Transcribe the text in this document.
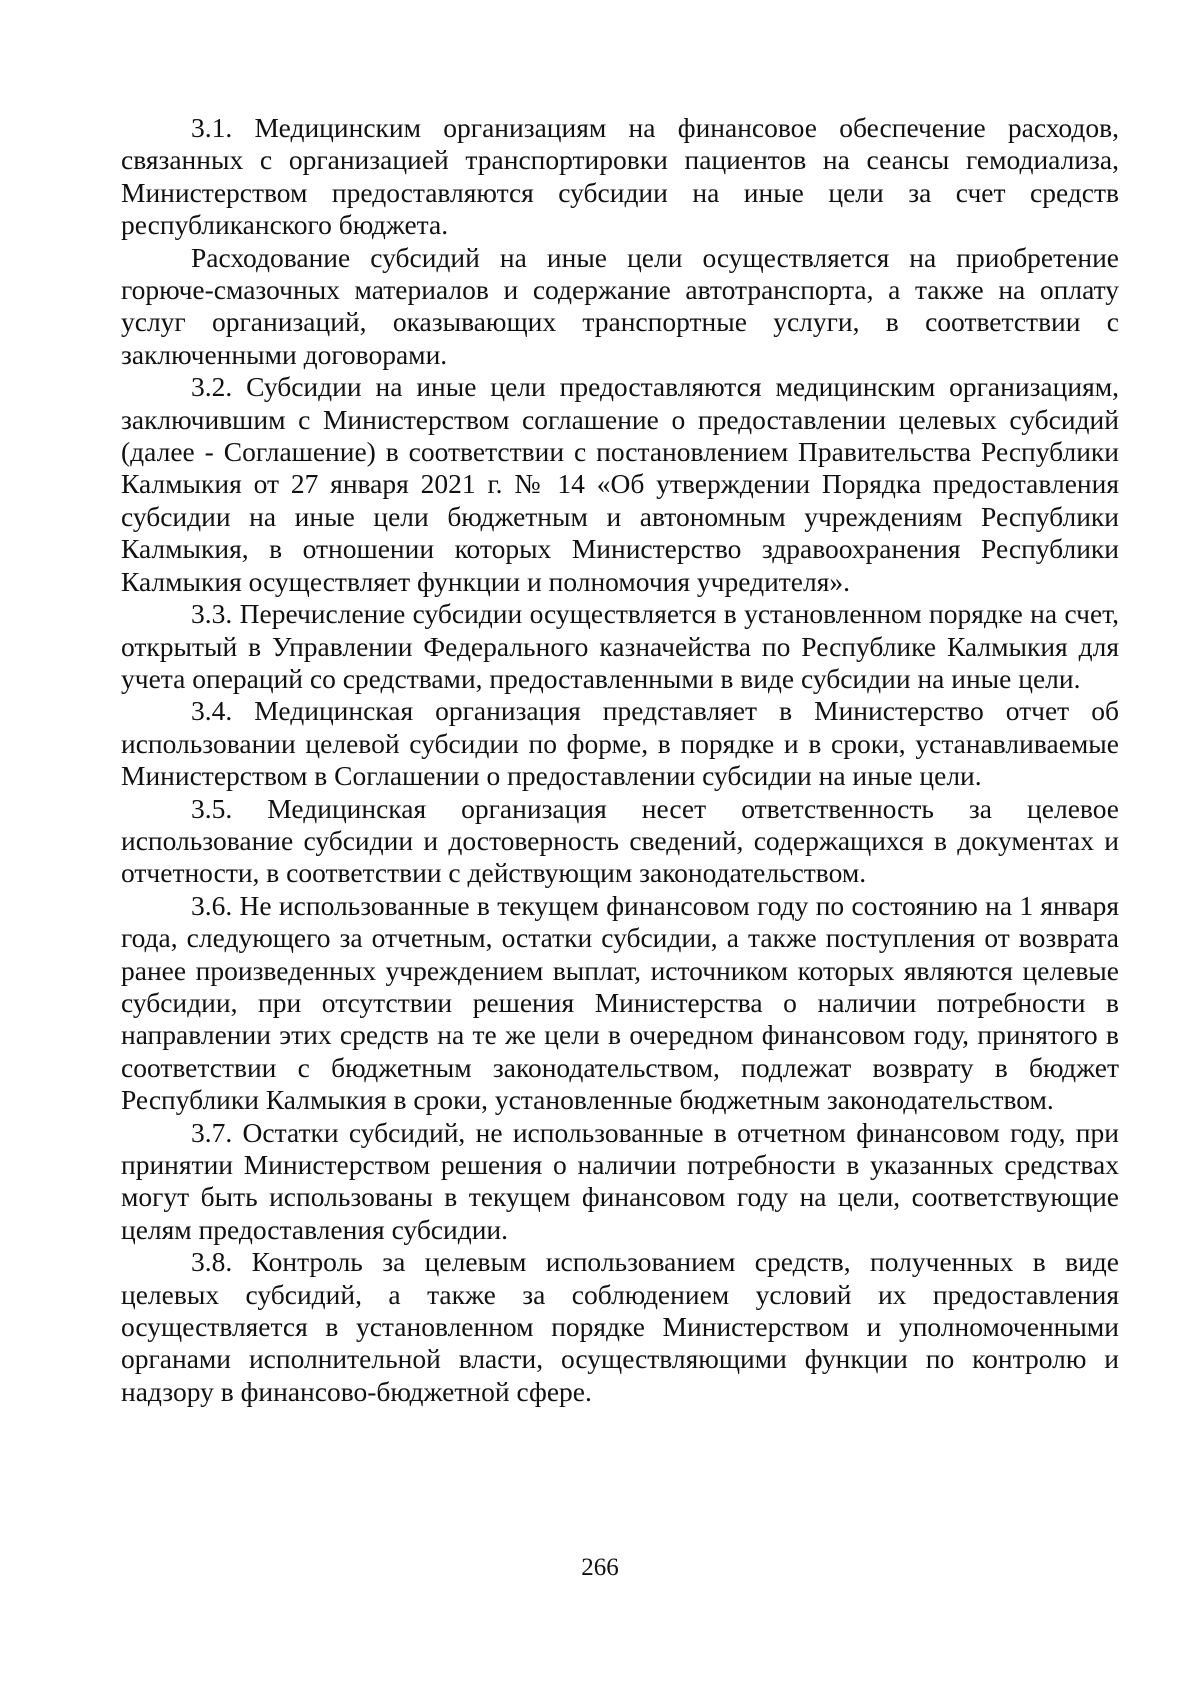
3.1. Медицинским организациям на финансовое обеспечение расходов, связанных с организацией транспортировки пациентов на сеансы гемодиализа, Министерством предоставляются субсидии на иные цели за счет средств республиканского бюджета.

Расходование субсидий на иные цели осуществляется на приобретение горюче-смазочных материалов и содержание автотранспорта, а также на оплату услуг организаций, оказывающих транспортные услуги, в соответствии с заключенными договорами.

3.2. Субсидии на иные цели предоставляются медицинским организациям, заключившим с Министерством соглашение о предоставлении целевых субсидий (далее - Соглашение) в соответствии с постановлением Правительства Республики Калмыкия от 27 января 2021 г. № 14 «Об утверждении Порядка предоставления субсидии на иные цели бюджетным и автономным учреждениям Республики Калмыкия, в отношении которых Министерство здравоохранения Республики Калмыкия осуществляет функции и полномочия учредителя».

3.3. Перечисление субсидии осуществляется в установленном порядке на счет, открытый в Управлении Федерального казначейства по Республике Калмыкия для учета операций со средствами, предоставленными в виде субсидии на иные цели.

3.4. Медицинская организация представляет в Министерство отчет об использовании целевой субсидии по форме, в порядке и в сроки, устанавливаемые Министерством в Соглашении о предоставлении субсидии на иные цели.

3.5. Медицинская организация несет ответственность за целевое использование субсидии и достоверность сведений, содержащихся в документах и отчетности, в соответствии с действующим законодательством.

3.6. Не использованные в текущем финансовом году по состоянию на 1 января года, следующего за отчетным, остатки субсидии, а также поступления от возврата ранее произведенных учреждением выплат, источником которых являются целевые субсидии, при отсутствии решения Министерства о наличии потребности в направлении этих средств на те же цели в очередном финансовом году, принятого в соответствии с бюджетным законодательством, подлежат возврату в бюджет Республики Калмыкия в сроки, установленные бюджетным законодательством.

3.7. Остатки субсидий, не использованные в отчетном финансовом году, при принятии Министерством решения о наличии потребности в указанных средствах могут быть использованы в текущем финансовом году на цели, соответствующие целям предоставления субсидии.

3.8. Контроль за целевым использованием средств, полученных в виде целевых субсидий, а также за соблюдением условий их предоставления осуществляется в установленном порядке Министерством и уполномоченными органами исполнительной власти, осуществляющими функции по контролю и надзору в финансово-бюджетной сфере.

266
